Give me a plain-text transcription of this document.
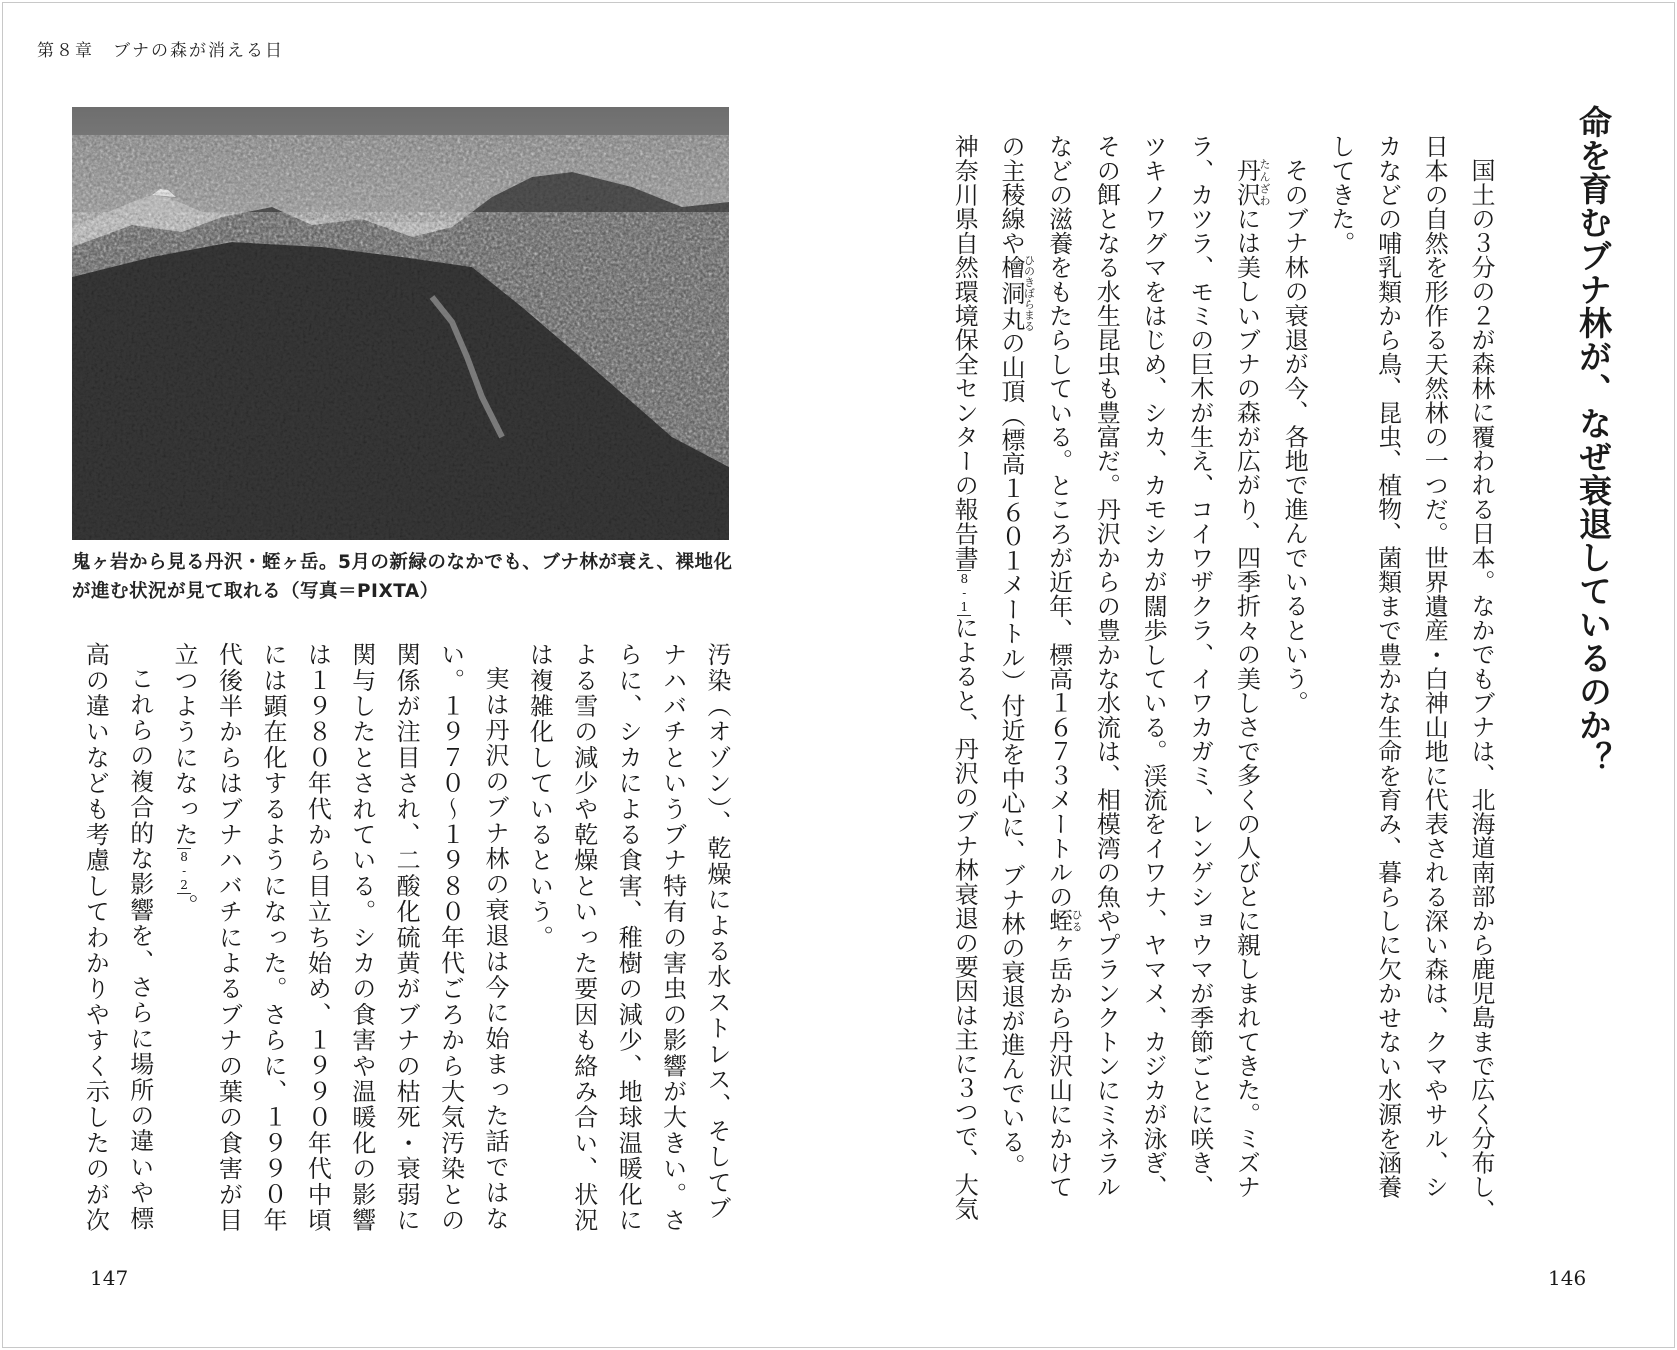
第８章　ブナの森が消える日
鬼ヶ岩から見る丹沢・蛭ヶ岳。5月の新緑のなかでも、ブナ林が衰え、裸地化が進む状況が見て取れる（写真＝PIXTA）
汚染（オゾン）、乾燥による水ストレス、そしてブ
ナハバチというブナ特有の害虫の影響が大きい。さ
らに、シカによる食害、稚樹の減少、地球温暖化に
よる雪の減少や乾燥といった要因も絡み合い、状況
は複雑化しているという。
実は丹沢のブナ林の衰退は今に始まった話ではな
い。１９７０〜１９８０年代ごろから大気汚染との
関係が注目され、二酸化硫黄がブナの枯死・衰弱に
関与したとされている。シカの食害や温暖化の影響
は１９８０年代から目立ち始め、１９９０年代中頃
には顕在化するようになった。さらに、１９９０年
代後半からはブナハバチによるブナの葉の食害が目
立つようになった8-2。
これらの複合的な影響を、さらに場所の違いや標
高の違いなども考慮してわかりやすく示したのが次
命を育むブナ林が、なぜ衰退しているのか？
国土の３分の２が森林に覆われる日本。なかでもブナは、北海道南部から鹿児島まで広く分布し、
日本の自然を形作る天然林の一つだ。世界遺産・白神山地に代表される深い森は、クマやサル、シ
カなどの哺乳類から鳥、昆虫、植物、菌類まで豊かな生命を育み、暮らしに欠かせない水源を涵養
してきた。
そのブナ林の衰退が今、各地で進んでいるという。
丹沢たんざわには美しいブナの森が広がり、四季折々の美しさで多くの人びとに親しまれてきた。ミズナ
ラ、カツラ、モミの巨木が生え、コイワザクラ、イワカガミ、レンゲショウマが季節ごとに咲き、
ツキノワグマをはじめ、シカ、カモシカが闊歩している。渓流をイワナ、ヤマメ、カジカが泳ぎ、
その餌となる水生昆虫も豊富だ。丹沢からの豊かな水流は、相模湾の魚やプランクトンにミネラル
などの滋養をもたらしている。ところが近年、標高１６７３メートルの蛭ひるヶ岳から丹沢山にかけて
の主稜線や檜洞丸ひのきぼらまるの山頂（標高１６０１メートル）付近を中心に、ブナ林の衰退が進んでいる。
神奈川県自然環境保全センターの報告書8-1によると、丹沢のブナ林衰退の要因は主に３つで、大気
147	146
